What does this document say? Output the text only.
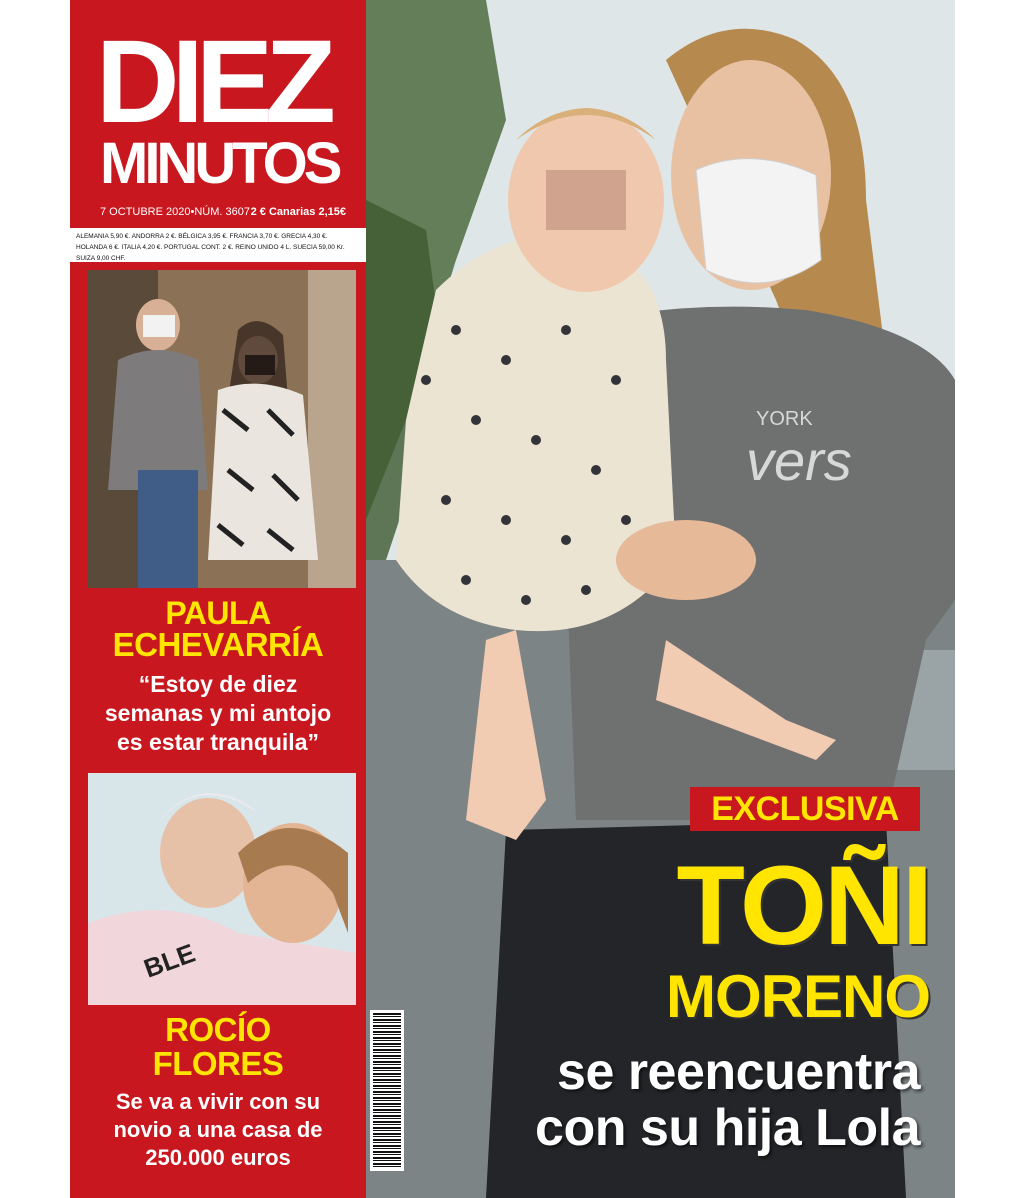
vers
YORK
DIEZ
MINUTOS
7 OCTUBRE 2020•NÚM. 3607 2 € Canarias 2,15€
ALEMANIA 5,90 €. ANDORRA 2 €. BÉLGICA 3,95 €. FRANCIA 3,70 €. GRECIA 4,30 €. HOLANDA 6 €. ITALIA 4,20 €. PORTUGAL CONT. 2 €. REINO UNIDO 4 L. SUECIA 59,00 Kr. SUIZA 9,00 CHF.
PAULA
ECHEVARRÍA
“Estoy de diez
semanas y mi antojo
es estar tranquila”
BLE
ROCÍO
FLORES
Se va a vivir con su
novio a una casa de
250.000 euros
EXCLUSIVA
TOÑI
MORENO
se reencuentra
con su hija Lola
